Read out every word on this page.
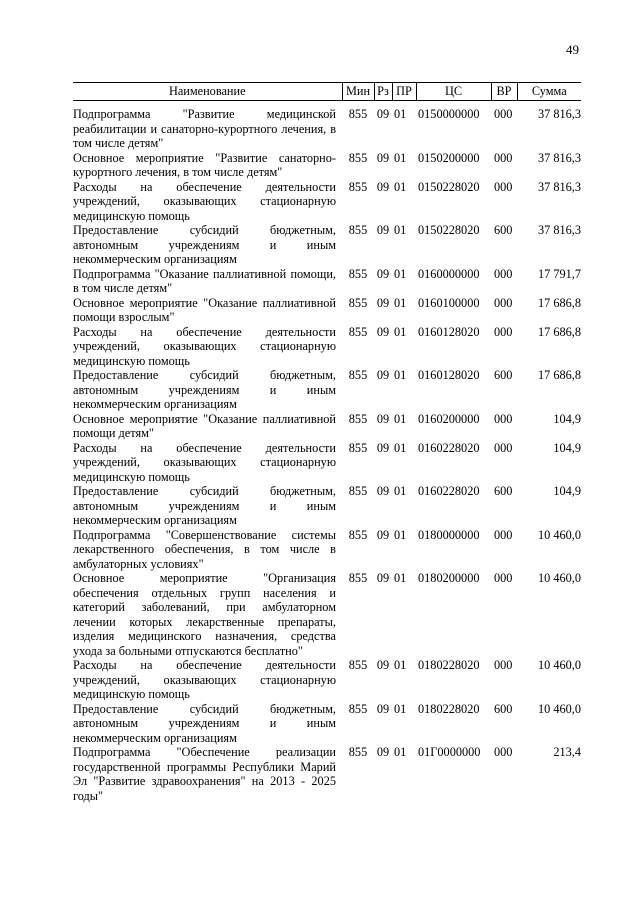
49
Наименование	Мин	Рз	ПР	ЦС	ВР	Сумма
Подпрограмма "Развитие медицинской реабилитации и санаторно-курортного лечения, в том числе детям"	855	09	01	0150000000	000	37 816,3
Основное мероприятие "Развитие санаторно-курортного лечения, в том числе детям"	855	09	01	0150200000	000	37 816,3
Расходы на обеспечение деятельности учреждений, оказывающих стационарную медицинскую помощь	855	09	01	0150228020	000	37 816,3
Предоставление субсидий бюджетным, автономным учреждениям и иным некоммерческим организациям	855	09	01	0150228020	600	37 816,3
Подпрограмма "Оказание паллиативной помощи, в том числе детям"	855	09	01	0160000000	000	17 791,7
Основное мероприятие "Оказание паллиативной помощи взрослым"	855	09	01	0160100000	000	17 686,8
Расходы на обеспечение деятельности учреждений, оказывающих стационарную медицинскую помощь	855	09	01	0160128020	000	17 686,8
Предоставление субсидий бюджетным, автономным учреждениям и иным некоммерческим организациям	855	09	01	0160128020	600	17 686,8
Основное мероприятие "Оказание паллиативной помощи детям"	855	09	01	0160200000	000	104,9
Расходы на обеспечение деятельности учреждений, оказывающих стационарную медицинскую помощь	855	09	01	0160228020	000	104,9
Предоставление субсидий бюджетным, автономным учреждениям и иным некоммерческим организациям	855	09	01	0160228020	600	104,9
Подпрограмма "Совершенствование системы лекарственного обеспечения, в том числе в амбулаторных условиях"	855	09	01	0180000000	000	10 460,0
Основное мероприятие "Организация обеспечения отдельных групп населения и категорий заболеваний, при амбулаторном лечении которых лекарственные препараты, изделия медицинского назначения, средства ухода за больными отпускаются бесплатно"	855	09	01	0180200000	000	10 460,0
Расходы на обеспечение деятельности учреждений, оказывающих стационарную медицинскую помощь	855	09	01	0180228020	000	10 460,0
Предоставление субсидий бюджетным, автономным учреждениям и иным некоммерческим организациям	855	09	01	0180228020	600	10 460,0
Подпрограмма "Обеспечение реализации государственной программы Республики Марий Эл "Развитие здравоохранения" на 2013 - 2025 годы"	855	09	01	01Г0000000	000	213,4
